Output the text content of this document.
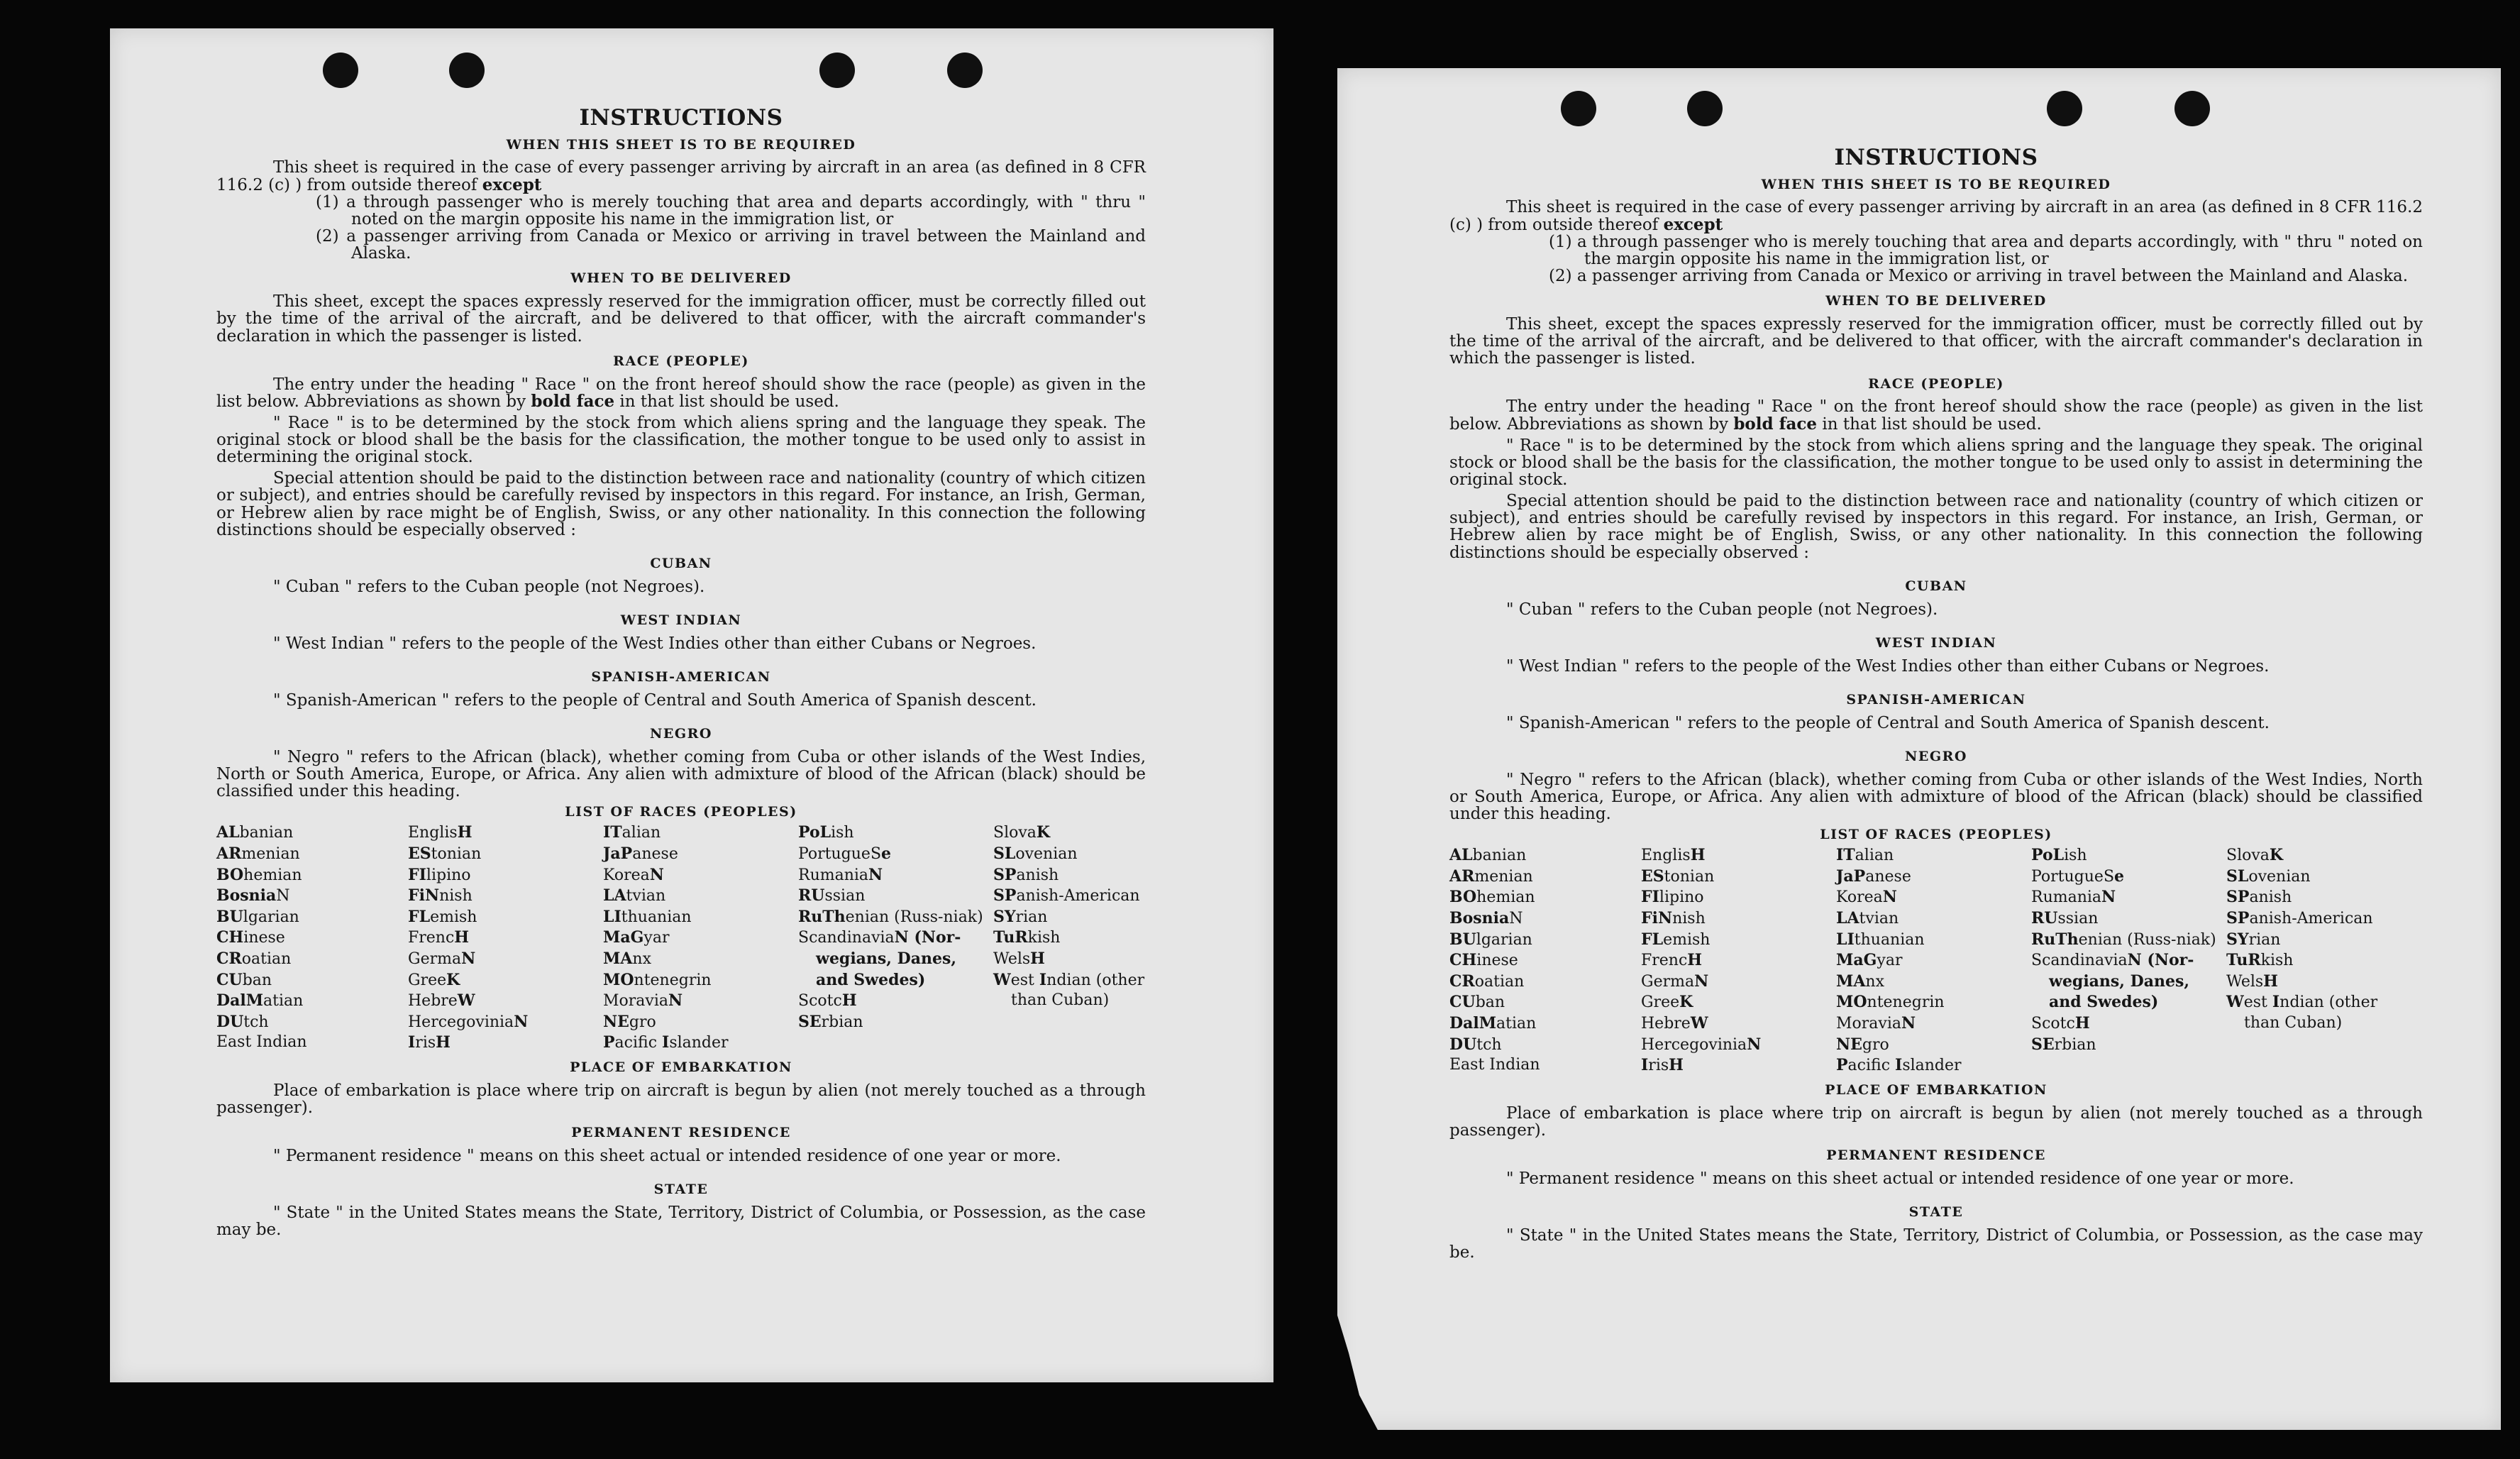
INSTRUCTIONS
WHEN THIS SHEET IS TO BE REQUIRED

This sheet is required in the case of every passenger arriving by aircraft in an area (as defined in 8 CFR 116.2 (c) ) from outside thereof except

(1) a through passenger who is merely touching that area and departs accordingly, with " thru " noted on the margin opposite his name in the immigration list, or

(2) a passenger arriving from Canada or Mexico or arriving in travel between the Mainland and Alaska.

WHEN TO BE DELIVERED

This sheet, except the spaces expressly reserved for the immigration officer, must be correctly filled out by the time of the arrival of the aircraft, and be delivered to that officer, with the aircraft commander's declaration in which the passenger is listed.

RACE (PEOPLE)

The entry under the heading " Race " on the front hereof should show the race (people) as given in the list below. Abbreviations as shown by bold face in that list should be used.

" Race " is to be determined by the stock from which aliens spring and the language they speak. The original stock or blood shall be the basis for the classification, the mother tongue to be used only to assist in determining the original stock.

Special attention should be paid to the distinction between race and nationality (country of which citizen or subject), and entries should be carefully revised by inspectors in this regard. For instance, an Irish, German, or Hebrew alien by race might be of English, Swiss, or any other nationality. In this connection the following distinctions should be especially observed :

CUBAN

" Cuban " refers to the Cuban people (not Negroes).

WEST INDIAN

" West Indian " refers to the people of the West Indies other than either Cubans or Negroes.

SPANISH-AMERICAN

" Spanish-American " refers to the people of Central and South America of Spanish descent.

NEGRO

" Negro " refers to the African (black), whether coming from Cuba or other islands of the West Indies, North or South America, Europe, or Africa. Any alien with admixture of blood of the African (black) should be classified under this heading.

LIST OF RACES (PEOPLES)
ALbanian
ARmenian
BOhemian
BosniaN
BUlgarian
CHinese
CRoatian
CUban
DalMatian
DUtch
East Indian
EnglisH
EStonian
FIlipino
FiNnish
FLemish
FrencH
GermaN
GreeK
HebreW
HercegoviniaN
IrisH
ITalian
JaPanese
KoreaN
LAtvian
LIthuanian
MaGyar
MAnx
MOntenegrin
MoraviaN
NEgro
Pacific Islander
PoLish
PortugueSe
RumaniaN
RUssian
RuThenian (Russ-niak)
ScandinaviaN (Nor-wegians, Danes, and Swedes)
ScotcH
SErbian
SlovaK
SLovenian
SPanish
SPanish-American
SYrian
TuRkish
WelsH
West Indian (other than Cuban)
PLACE OF EMBARKATION

Place of embarkation is place where trip on aircraft is begun by alien (not merely touched as a through passenger).

PERMANENT RESIDENCE

" Permanent residence " means on this sheet actual or intended residence of one year or more.

STATE

" State " in the United States means the State, Territory, District of Columbia, or Possession, as the case may be.

INSTRUCTIONS
WHEN THIS SHEET IS TO BE REQUIRED

This sheet is required in the case of every passenger arriving by aircraft in an area (as defined in 8 CFR 116.2 (c) ) from outside thereof except

(1) a through passenger who is merely touching that area and departs accordingly, with " thru " noted on the margin opposite his name in the immigration list, or

(2) a passenger arriving from Canada or Mexico or arriving in travel between the Mainland and Alaska.

WHEN TO BE DELIVERED

This sheet, except the spaces expressly reserved for the immigration officer, must be correctly filled out by the time of the arrival of the aircraft, and be delivered to that officer, with the aircraft commander's declaration in which the passenger is listed.

RACE (PEOPLE)

The entry under the heading " Race " on the front hereof should show the race (people) as given in the list below. Abbreviations as shown by bold face in that list should be used.

" Race " is to be determined by the stock from which aliens spring and the language they speak. The original stock or blood shall be the basis for the classification, the mother tongue to be used only to assist in determining the original stock.

Special attention should be paid to the distinction between race and nationality (country of which citizen or subject), and entries should be carefully revised by inspectors in this regard. For instance, an Irish, German, or Hebrew alien by race might be of English, Swiss, or any other nationality. In this connection the following distinctions should be especially observed :

CUBAN

" Cuban " refers to the Cuban people (not Negroes).

WEST INDIAN

" West Indian " refers to the people of the West Indies other than either Cubans or Negroes.

SPANISH-AMERICAN

" Spanish-American " refers to the people of Central and South America of Spanish descent.

NEGRO

" Negro " refers to the African (black), whether coming from Cuba or other islands of the West Indies, North or South America, Europe, or Africa. Any alien with admixture of blood of the African (black) should be classified under this heading.

LIST OF RACES (PEOPLES)
ALbanian
ARmenian
BOhemian
BosniaN
BUlgarian
CHinese
CRoatian
CUban
DalMatian
DUtch
East Indian
EnglisH
EStonian
FIlipino
FiNnish
FLemish
FrencH
GermaN
GreeK
HebreW
HercegoviniaN
IrisH
ITalian
JaPanese
KoreaN
LAtvian
LIthuanian
MaGyar
MAnx
MOntenegrin
MoraviaN
NEgro
Pacific Islander
PoLish
PortugueSe
RumaniaN
RUssian
RuThenian (Russ-niak)
ScandinaviaN (Nor-wegians, Danes, and Swedes)
ScotcH
SErbian
SlovaK
SLovenian
SPanish
SPanish-American
SYrian
TuRkish
WelsH
West Indian (other than Cuban)
PLACE OF EMBARKATION

Place of embarkation is place where trip on aircraft is begun by alien (not merely touched as a through passenger).

PERMANENT RESIDENCE

" Permanent residence " means on this sheet actual or intended residence of one year or more.

STATE

" State " in the United States means the State, Territory, District of Columbia, or Possession, as the case may be.
